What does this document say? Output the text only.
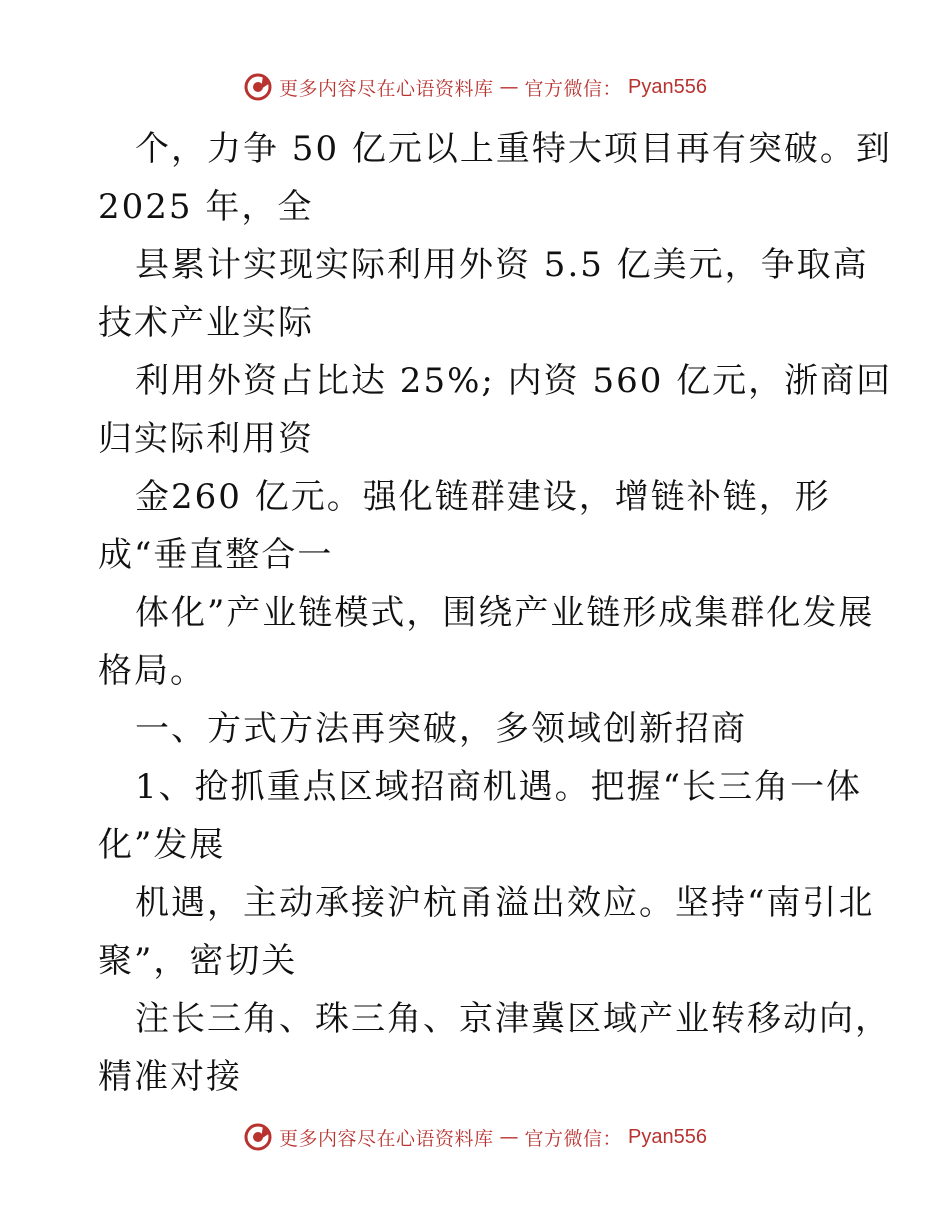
更多内容尽在心语资料库 — 官方微信： Pyan556
个，力争 50 亿元以上重特大项目再有突破。到
2025 年，全
县累计实现实际利用外资 5.5 亿美元，争取高
技术产业实际
利用外资占比达 25%; 内资 560 亿元，浙商回
归实际利用资
金260 亿元。强化链群建设，增链补链，形
成“垂直整合一
体化”产业链模式，围绕产业链形成集群化发展
格局。
一、方式方法再突破，多领域创新招商
1、抢抓重点区域招商机遇。把握“长三角一体
化”发展
机遇，主动承接沪杭甬溢出效应。坚持“南引北
聚”，密切关
注长三角、珠三角、京津冀区域产业转移动向，
精准对接
更多内容尽在心语资料库 — 官方微信： Pyan556
